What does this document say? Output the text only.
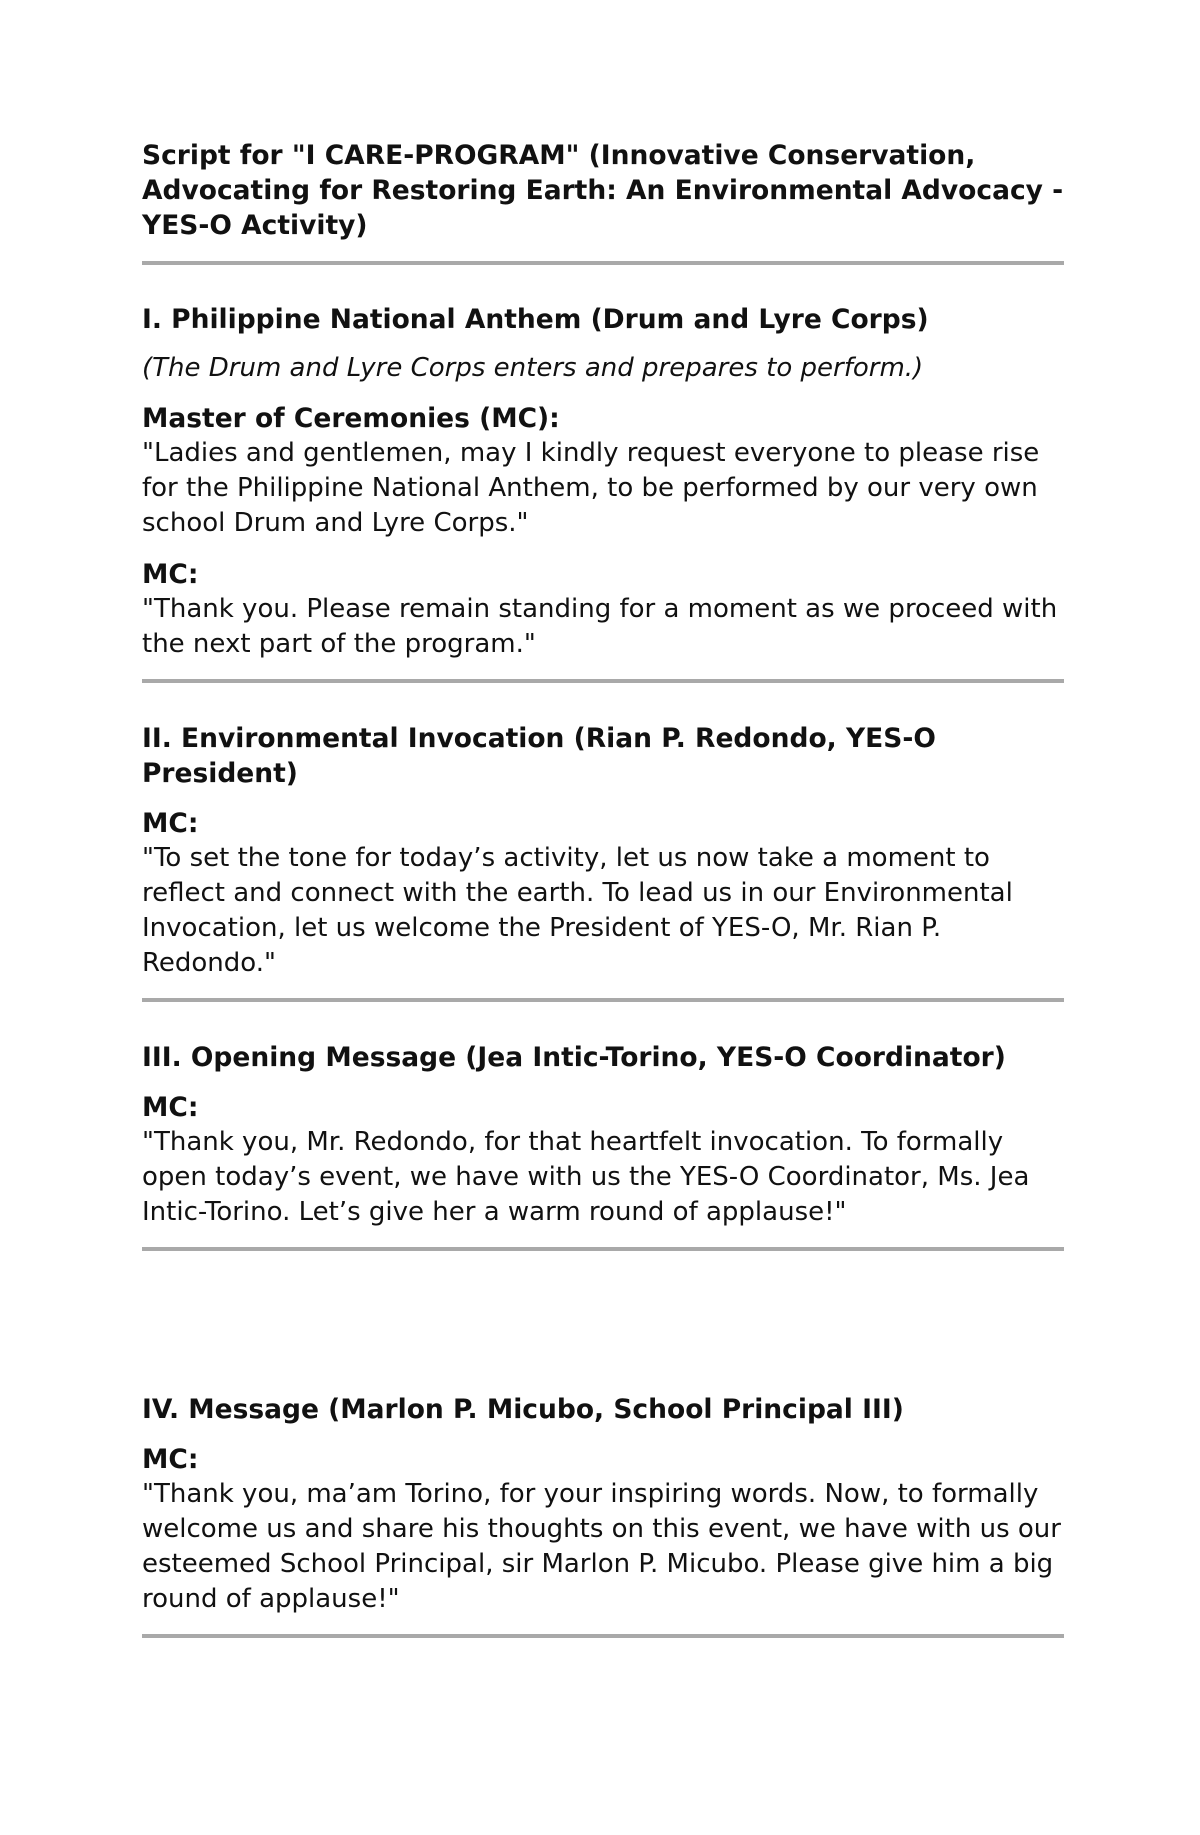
Script for "I CARE-PROGRAM" (Innovative Conservation, Advocating for Restoring Earth: An Environmental Advocacy - YES-O Activity)

I. Philippine National Anthem (Drum and Lyre Corps)

(The Drum and Lyre Corps enters and prepares to perform.)

Master of Ceremonies (MC):

"Ladies and gentlemen, may I kindly request everyone to please rise for the Philippine National Anthem, to be performed by our very own school Drum and Lyre Corps."

MC:

"Thank you. Please remain standing for a moment as we proceed with the next part of the program."

II. Environmental Invocation (Rian P. Redondo, YES-O President)

MC:

"To set the tone for today’s activity, let us now take a moment to reflect and connect with the earth. To lead us in our Environmental Invocation, let us welcome the President of YES-O, Mr. Rian P. Redondo."

III. Opening Message (Jea Intic-Torino, YES-O Coordinator)

MC:

"Thank you, Mr. Redondo, for that heartfelt invocation. To formally open today’s event, we have with us the YES-O Coordinator, Ms. Jea Intic-Torino. Let’s give her a warm round of applause!"

IV. Message (Marlon P. Micubo, School Principal III)

MC:

"Thank you, ma’am Torino, for your inspiring words. Now, to formally welcome us and share his thoughts on this event, we have with us our esteemed School Principal, sir Marlon P. Micubo. Please give him a big round of applause!"
